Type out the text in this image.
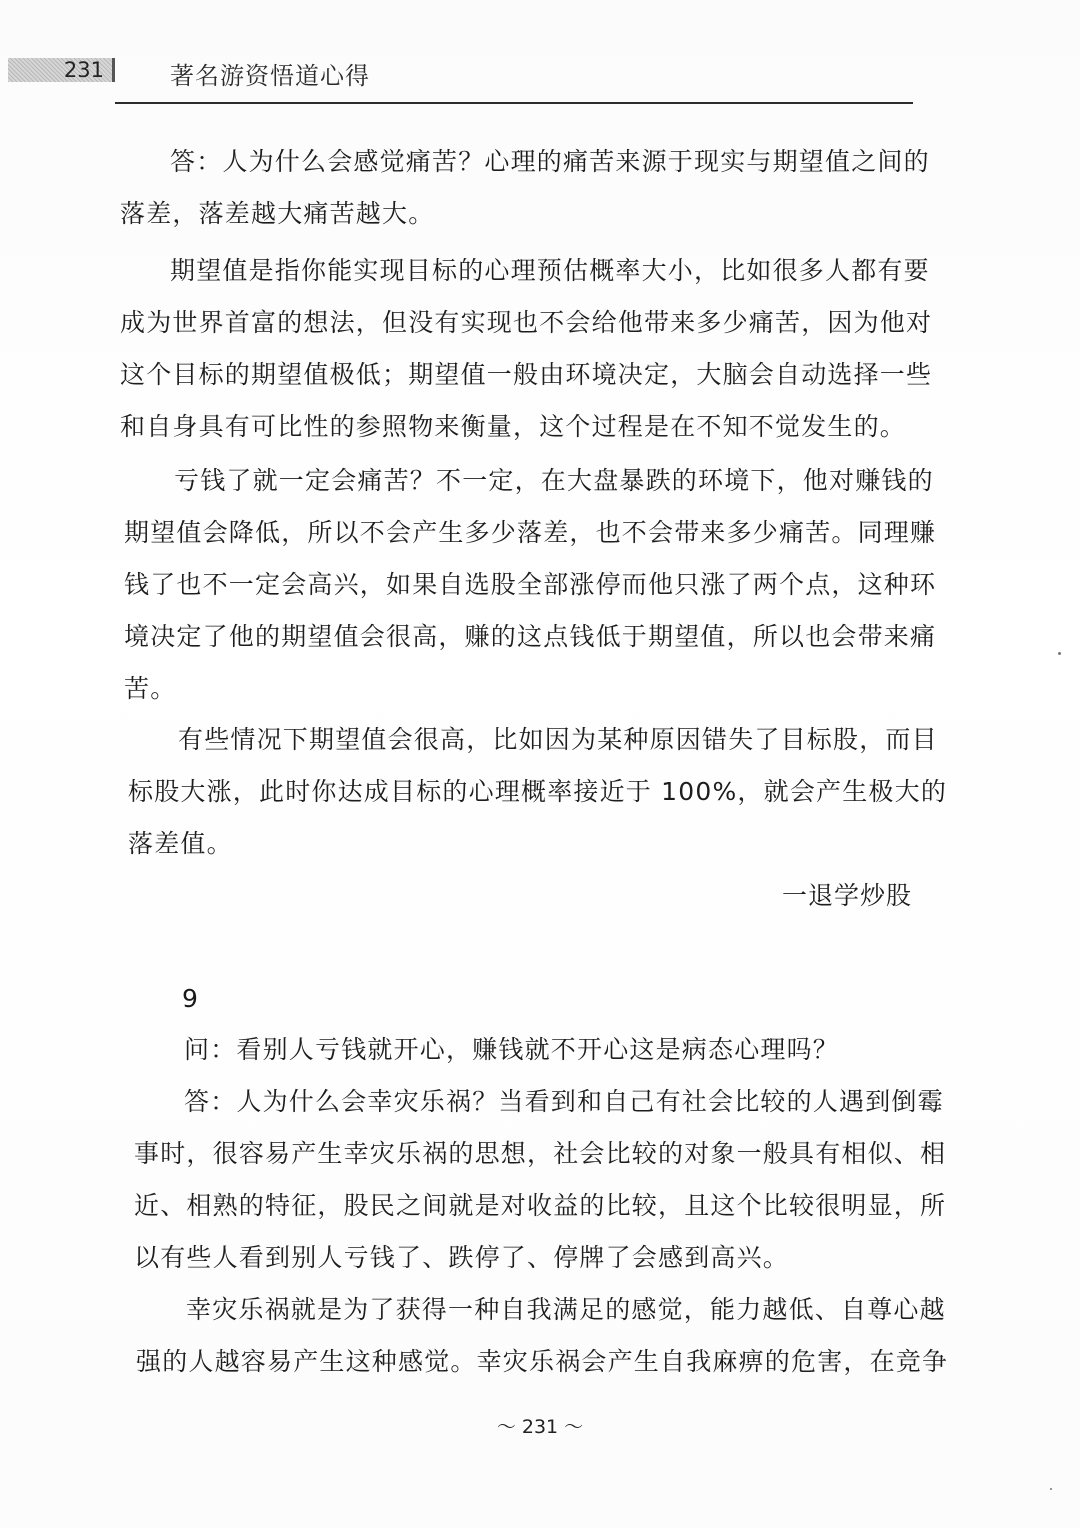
231	著名游资悟道心得
答：人为什么会感觉痛苦？心理的痛苦来源于现实与期望值之间的
落差，落差越大痛苦越大。
期望值是指你能实现目标的心理预估概率大小，比如很多人都有要
成为世界首富的想法，但没有实现也不会给他带来多少痛苦，因为他对
这个目标的期望值极低；期望值一般由环境决定，大脑会自动选择一些
和自身具有可比性的参照物来衡量，这个过程是在不知不觉发生的。
亏钱了就一定会痛苦？不一定，在大盘暴跌的环境下，他对赚钱的
期望值会降低，所以不会产生多少落差，也不会带来多少痛苦。同理赚
钱了也不一定会高兴，如果自选股全部涨停而他只涨了两个点，这种环
境决定了他的期望值会很高，赚的这点钱低于期望值，所以也会带来痛
苦。
有些情况下期望值会很高，比如因为某种原因错失了目标股，而目
标股大涨，此时你达成目标的心理概率接近于 100%，就会产生极大的
落差值。
一退学炒股
9
问：看别人亏钱就开心，赚钱就不开心这是病态心理吗？
答：人为什么会幸灾乐祸？当看到和自己有社会比较的人遇到倒霉
事时，很容易产生幸灾乐祸的思想，社会比较的对象一般具有相似、相
近、相熟的特征，股民之间就是对收益的比较，且这个比较很明显，所
以有些人看到别人亏钱了、跌停了、停牌了会感到高兴。
幸灾乐祸就是为了获得一种自我满足的感觉，能力越低、自尊心越
强的人越容易产生这种感觉。幸灾乐祸会产生自我麻痹的危害，在竞争
～ 231 ～
